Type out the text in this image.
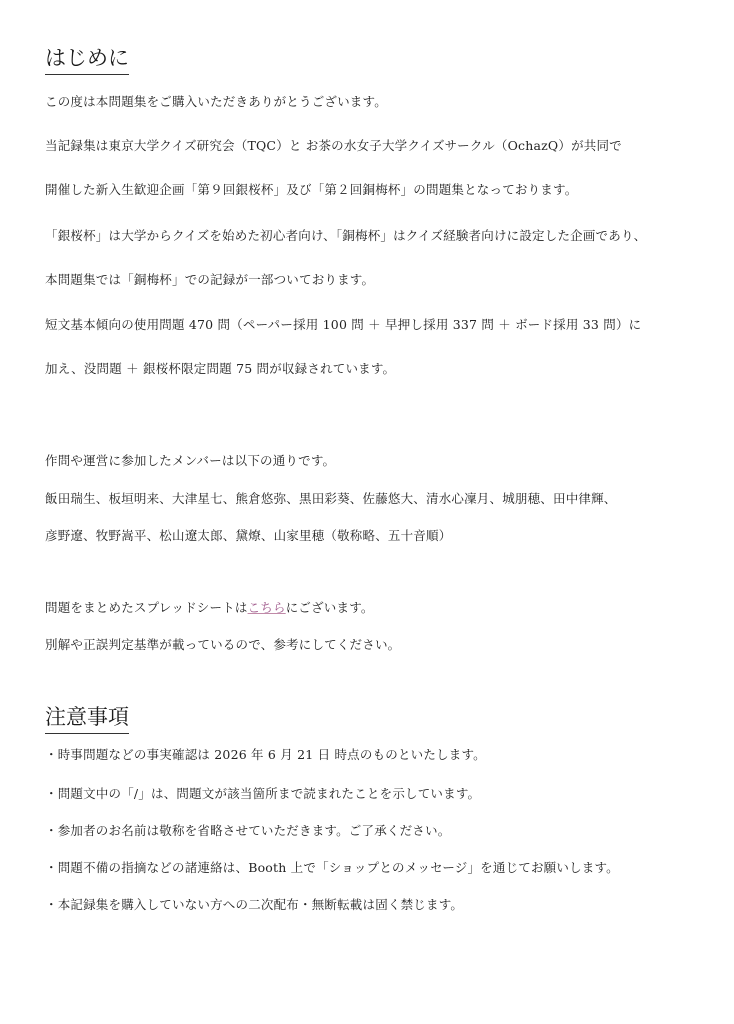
はじめに
この度は本問題集をご購入いただきありがとうございます。
当記録集は東京大学クイズ研究会（TQC）と お茶の水女子大学クイズサークル（OchazQ）が共同で
開催した新入生歓迎企画「第９回銀桜杯」及び「第２回銅梅杯」の問題集となっております。
「銀桜杯」は大学からクイズを始めた初心者向け、「銅梅杯」はクイズ経験者向けに設定した企画であり、
本問題集では「銅梅杯」での記録が一部ついております。
短文基本傾向の使用問題 470 問（ペーパー採用 100 問 ＋ 早押し採用 337 問 ＋ ボード採用 33 問）に
加え、没問題 ＋ 銀桜杯限定問題 75 問が収録されています。
作問や運営に参加したメンバーは以下の通りです。
飯田瑞生、板垣明来、大津星七、熊倉悠弥、黒田彩葵、佐藤悠大、清水心凜月、城朋穂、田中律輝、
彦野遼、牧野嵩平、松山遼太郎、黛燎、山家里穂（敬称略、五十音順）
問題をまとめたスプレッドシートはこちらにございます。
別解や正誤判定基準が載っているので、参考にしてください。
注意事項
・時事問題などの事実確認は 2026 年 6 月 21 日 時点のものといたします。
・問題文中の「/」は、問題文が該当箇所まで読まれたことを示しています。
・参加者のお名前は敬称を省略させていただきます。ご了承ください。
・問題不備の指摘などの諸連絡は、Booth 上で「ショップとのメッセージ」を通じてお願いします。
・本記録集を購入していない方への二次配布・無断転載は固く禁じます。
